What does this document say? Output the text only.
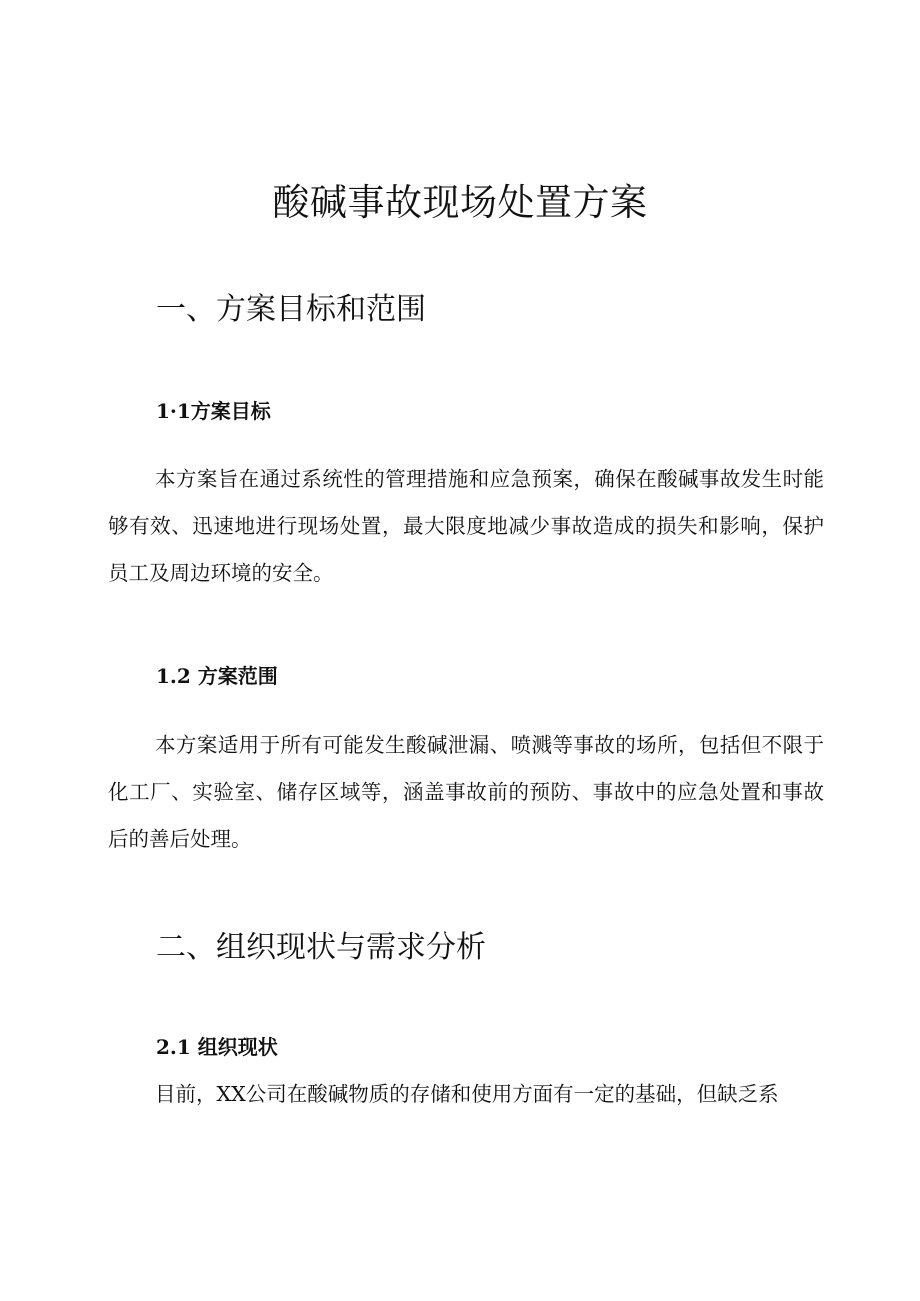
酸碱事故现场处置方案
一、方案目标和范围
1·1方案目标

本方案旨在通过系统性的管理措施和应急预案，确保在酸碱事故发生时能够有效、迅速地进行现场处置，最大限度地减少事故造成的损失和影响，保护员工及周边环境的安全。

1.2 方案范围

本方案适用于所有可能发生酸碱泄漏、喷溅等事故的场所，包括但不限于化工厂、实验室、储存区域等，涵盖事故前的预防、事故中的应急处置和事故后的善后处理。

二、组织现状与需求分析
2.1 组织现状

目前，XX公司在酸碱物质的存储和使用方面有一定的基础，但缺乏系
